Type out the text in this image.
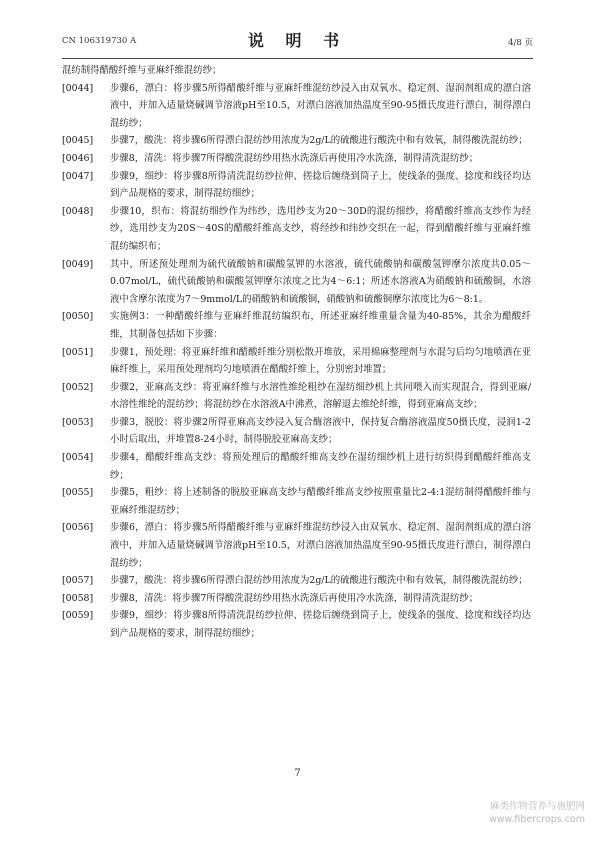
CN 106319730 A	说 明 书	4/8 页

混纺制得醋酸纤维与亚麻纤维混纺纱；

[0044]	步骤6，漂白：将步骤5所得醋酸纤维与亚麻纤维混纺纱浸入由双氧水、稳定剂、湿润剂组成的漂白溶液中，并加入适量烧碱调节溶液pH至10.5，对漂白溶液加热温度至90-95摄氏度进行漂白，制得漂白混纺纱；
[0045]	步骤7，酸洗：将步骤6所得漂白混纺纱用浓度为2g/L的硫酸进行酸洗中和有效氧，制得酸洗混纺纱；
[0046]	步骤8，清洗：将步骤7所得酸洗混纺纱用热水洗涤后再使用冷水洗涤，制得清洗混纺纱；
[0047]	步骤9，细纱：将步骤8所得清洗混纺纱拉伸、搓捻后缠绕到筒子上，使线条的强度、捻度和线径均达到产品规格的要求，制得混纺细纱；
[0048]	步骤10，织布：将混纺细纱作为纬纱，选用纱支为20～30D的混纺细纱，将醋酸纤维高支纱作为经纱，选用纱支为20S～40S的醋酸纤维高支纱，将经纱和纬纱交织在一起，得到醋酸纤维与亚麻纤维混纺编织布；
[0049]	其中，所述预处理剂为硫代硫酸钠和碳酸氢钾的水溶液，硫代硫酸钠和碳酸氢钾摩尔浓度共0.05～0.07mol/L，硫代硫酸钠和碳酸氢钾摩尔浓度之比为4～6:1；所述水溶液A为硝酸钠和硫酸铜，水溶液中含摩尔浓度为7～9mmol/L的硝酸钠和硫酸铜，硝酸钠和硫酸铜摩尔浓度比为6～8:1。
[0050]	实施例3：一种醋酸纤维与亚麻纤维混纺编织布，所述亚麻纤维重量含量为40-85%，其余为醋酸纤维，其制备包括如下步骤：
[0051]	步骤1，预处理：将亚麻纤维和醋酸纤维分别松散开堆放，采用棉麻整理剂与水混匀后均匀地喷洒在亚麻纤维上，采用预处理剂均匀地喷洒在醋酸纤维上，分别密封堆置；
[0052]	步骤2，亚麻高支纱：将亚麻纤维与水溶性维纶粗纱在湿纺细纱机上共同喂入而实现混合，得到亚麻/水溶性维纶的混纺纱；将混纺纱在水溶液A中沸煮，溶解退去维纶纤维，得到亚麻高支纱；
[0053]	步骤3，脱胶：将步骤2所得亚麻高支纱浸入复合酶溶液中，保持复合酶溶液温度50摄氏度，浸润1-2小时后取出，并堆置8-24小时，制得脱胶亚麻高支纱；
[0054]	步骤4，醋酸纤维高支纱：将预处理后的醋酸纤维高支纱在湿纺细纱机上进行纺织得到醋酸纤维高支纱；
[0055]	步骤5，粗纱：将上述制备的脱胶亚麻高支纱与醋酸纤维高支纱按照重量比2-4:1混纺制得醋酸纤维与亚麻纤维混纺纱；
[0056]	步骤6，漂白：将步骤5所得醋酸纤维与亚麻纤维混纺纱浸入由双氧水、稳定剂、湿润剂组成的漂白溶液中，并加入适量烧碱调节溶液pH至10.5，对漂白溶液加热温度至90-95摄氏度进行漂白，制得漂白混纺纱；
[0057]	步骤7，酸洗：将步骤6所得漂白混纺纱用浓度为2g/L的硫酸进行酸洗中和有效氧，制得酸洗混纺纱；
[0058]	步骤8，清洗：将步骤7所得酸洗混纺纱用热水洗涤后再使用冷水洗涤，制得清洗混纺纱；
[0059]	步骤9，细纱：将步骤8所得清洗混纺纱拉伸、搓捻后缠绕到筒子上，使线条的强度、捻度和线径均达到产品规格的要求，制得混纺细纱；
7
麻类作物营养与施肥网
www.fibercrops.com
